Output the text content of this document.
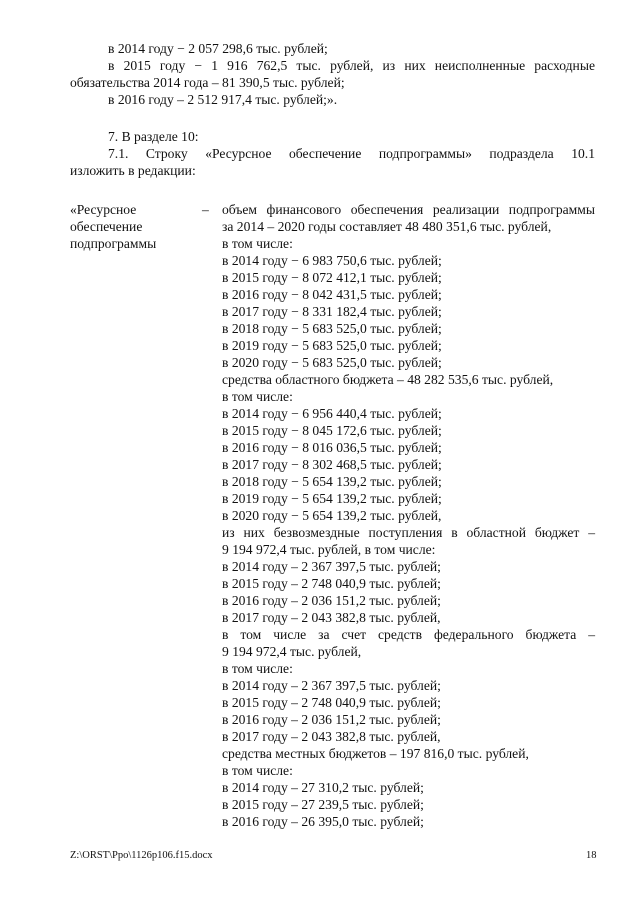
в 2014 году − 2 057 298,6 тыс. рублей;
в 2015 году − 1 916 762,5 тыс. рублей, из них неисполненные расходные
обязательства 2014 года – 81 390,5 тыс. рублей;
в 2016 году – 2 512 917,4 тыс. рублей;».
7. В разделе 10:
7.1. Строку «Ресурсное обеспечение подпрограммы» подраздела 10.1
изложить в редакции:
«Ресурсное
обеспечение
подпрограммы
– объем финансового обеспечения реализации подпрограммы
за 2014 – 2020 годы составляет 48 480 351,6 тыс. рублей,
в том числе:
в 2014 году − 6 983 750,6 тыс. рублей;
в 2015 году − 8 072 412,1 тыс. рублей;
в 2016 году − 8 042 431,5 тыс. рублей;
в 2017 году − 8 331 182,4 тыс. рублей;
в 2018 году − 5 683 525,0 тыс. рублей;
в 2019 году − 5 683 525,0 тыс. рублей;
в 2020 году − 5 683 525,0 тыс. рублей;
средства областного бюджета – 48 282 535,6 тыс. рублей,
в том числе:
в 2014 году − 6 956 440,4 тыс. рублей;
в 2015 году − 8 045 172,6 тыс. рублей;
в 2016 году − 8 016 036,5 тыс. рублей;
в 2017 году − 8 302 468,5 тыс. рублей;
в 2018 году − 5 654 139,2 тыс. рублей;
в 2019 году − 5 654 139,2 тыс. рублей;
в 2020 году − 5 654 139,2 тыс. рублей,
из них безвозмездные поступления в областной бюджет –
9 194 972,4 тыс. рублей, в том числе:
в 2014 году – 2 367 397,5 тыс. рублей;
в 2015 году – 2 748 040,9 тыс. рублей;
в 2016 году – 2 036 151,2 тыс. рублей;
в 2017 году – 2 043 382,8 тыс. рублей,
в том числе за счет средств федерального бюджета –
9 194 972,4 тыс. рублей,
в том числе:
в 2014 году – 2 367 397,5 тыс. рублей;
в 2015 году – 2 748 040,9 тыс. рублей;
в 2016 году – 2 036 151,2 тыс. рублей;
в 2017 году – 2 043 382,8 тыс. рублей,
средства местных бюджетов – 197 816,0 тыс. рублей,
в том числе:
в 2014 году – 27 310,2 тыс. рублей;
в 2015 году – 27 239,5 тыс. рублей;
в 2016 году – 26 395,0 тыс. рублей;
Z:\ORST\Ppo\1126p106.f15.docx	18
